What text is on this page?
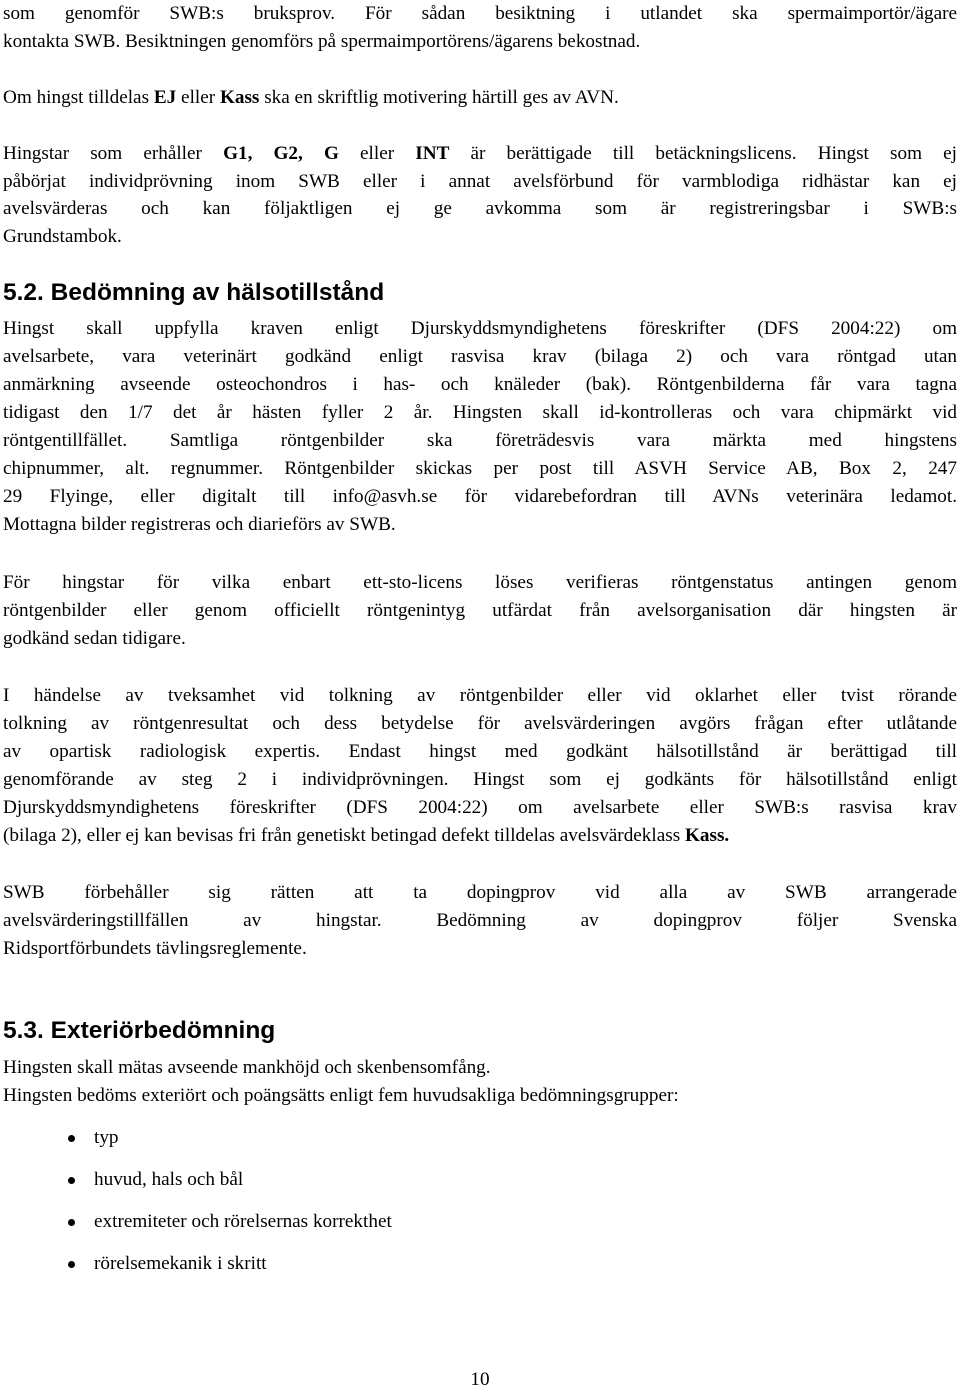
som genomför SWB:s bruksprov. För sådan besiktning i utlandet ska spermaimportör/ägare
kontakta SWB. Besiktningen genomförs på spermaimportörens/ägarens bekostnad.
Om hingst tilldelas EJ eller Kass ska en skriftlig motivering härtill ges av AVN.
Hingstar som erhåller G1, G2, G eller INT är berättigade till betäckningslicens. Hingst som ej
påbörjat individprövning inom SWB eller i annat avelsförbund för varmblodiga ridhästar kan ej
avelsvärderas och kan följaktligen ej ge avkomma som är registreringsbar i SWB:s
Grundstambok.
5.2. Bedömning av hälsotillstånd
Hingst skall uppfylla kraven enligt Djurskyddsmyndighetens föreskrifter (DFS 2004:22) om
avelsarbete, vara veterinärt godkänd enligt rasvisa krav (bilaga 2) och vara röntgad utan
anmärkning avseende osteochondros i has- och knäleder (bak). Röntgenbilderna får vara tagna
tidigast den 1/7 det år hästen fyller 2 år. Hingsten skall id-kontrolleras och vara chipmärkt vid
röntgentillfället. Samtliga röntgenbilder ska företrädesvis vara märkta med hingstens
chipnummer, alt. regnummer. Röntgenbilder skickas per post till ASVH Service AB, Box 2, 247
29 Flyinge, eller digitalt till info@asvh.se för vidarebefordran till AVNs veterinära ledamot.
Mottagna bilder registreras och diarieförs av SWB.
För hingstar för vilka enbart ett-sto-licens löses verifieras röntgenstatus antingen genom
röntgenbilder eller genom officiellt röntgenintyg utfärdat från avelsorganisation där hingsten är
godkänd sedan tidigare.
I händelse av tveksamhet vid tolkning av röntgenbilder eller vid oklarhet eller tvist rörande
tolkning av röntgenresultat och dess betydelse för avelsvärderingen avgörs frågan efter utlåtande
av opartisk radiologisk expertis. Endast hingst med godkänt hälsotillstånd är berättigad till
genomförande av steg 2 i individprövningen. Hingst som ej godkänts för hälsotillstånd enligt
Djurskyddsmyndighetens föreskrifter (DFS 2004:22) om avelsarbete eller SWB:s rasvisa krav
(bilaga 2), eller ej kan bevisas fri från genetiskt betingad defekt tilldelas avelsvärdeklass Kass.
SWB förbehåller sig rätten att ta dopingprov vid alla av SWB arrangerade
avelsvärderingstillfällen av hingstar. Bedömning av dopingprov följer Svenska
Ridsportförbundets tävlingsreglemente.
5.3. Exteriörbedömning
Hingsten skall mätas avseende mankhöjd och skenbensomfång.
Hingsten bedöms exteriört och poängsätts enligt fem huvudsakliga bedömningsgrupper:
typ
huvud, hals och bål
extremiteter och rörelsernas korrekthet
rörelsemekanik i skritt
10
